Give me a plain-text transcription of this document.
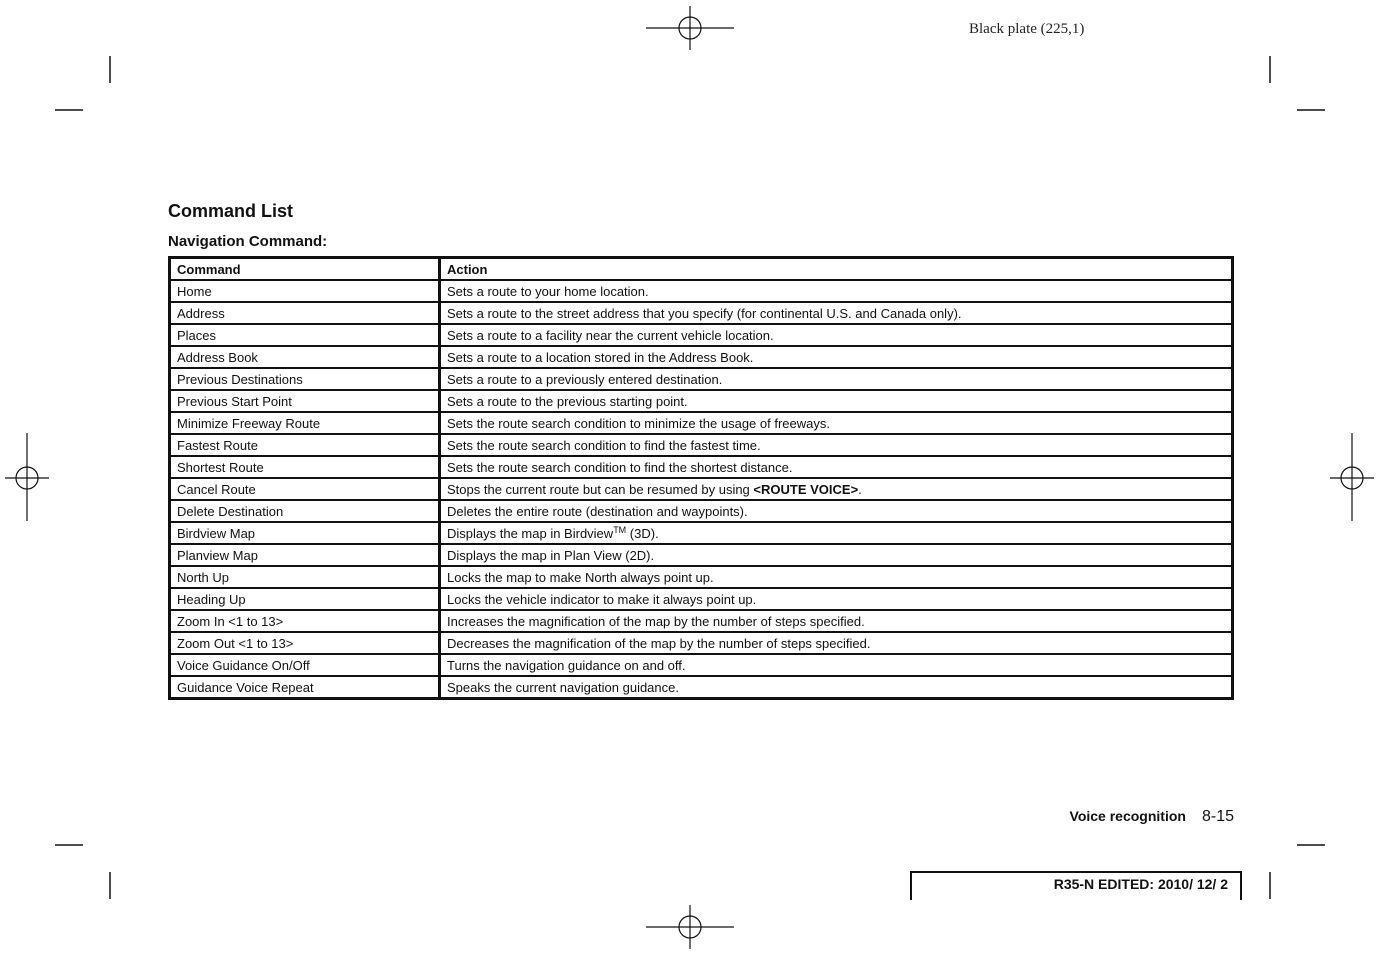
Black plate (225,1)
Command List
Navigation Command:
Command	Action
Home	Sets a route to your home location.
Address	Sets a route to the street address that you specify (for continental U.S. and Canada only).
Places	Sets a route to a facility near the current vehicle location.
Address Book	Sets a route to a location stored in the Address Book.
Previous Destinations	Sets a route to a previously entered destination.
Previous Start Point	Sets a route to the previous starting point.
Minimize Freeway Route	Sets the route search condition to minimize the usage of freeways.
Fastest Route	Sets the route search condition to find the fastest time.
Shortest Route	Sets the route search condition to find the shortest distance.
Cancel Route	Stops the current route but can be resumed by using <ROUTE VOICE>.
Delete Destination	Deletes the entire route (destination and waypoints).
Birdview Map	Displays the map in Birdview™ (3D).
Planview Map	Displays the map in Plan View (2D).
North Up	Locks the map to make North always point up.
Heading Up	Locks the vehicle indicator to make it always point up.
Zoom In <1 to 13>	Increases the magnification of the map by the number of steps specified.
Zoom Out <1 to 13>	Decreases the magnification of the map by the number of steps specified.
Voice Guidance On/Off	Turns the navigation guidance on and off.
Guidance Voice Repeat	Speaks the current navigation guidance.
Voice recognition 8-15
R35-N EDITED: 2010/ 12/ 2
